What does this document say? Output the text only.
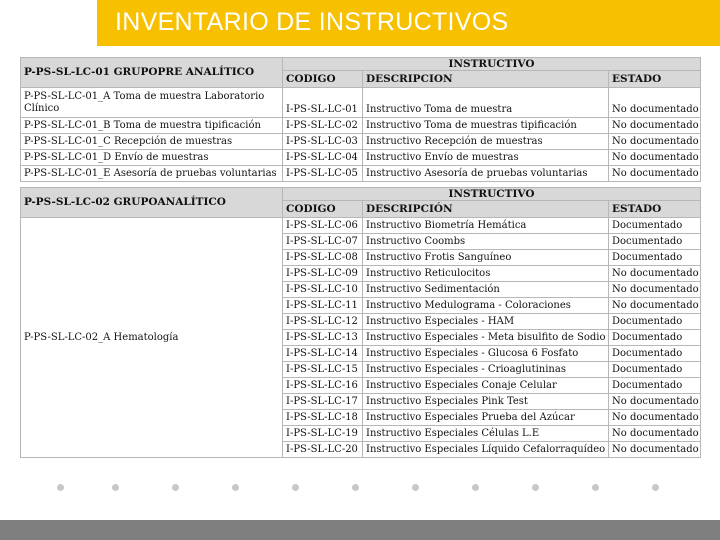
INVENTARIO DE INSTRUCTIVOS
P-PS-SL-LC-01 GRUPOPRE ANALÍTICO	INSTRUCTIVO		
	CODIGO	DESCRIPCION	ESTADO
P-PS-SL-LC-01_A Toma de muestra Laboratorio Clínico	I-PS-SL-LC-01	Instructivo Toma de muestra	No documentado
P-PS-SL-LC-01_B Toma de muestra tipificación	I-PS-SL-LC-02	Instructivo Toma de muestras tipificación	No documentado
P-PS-SL-LC-01_C Recepción de muestras	I-PS-SL-LC-03	Instructivo Recepción de muestras	No documentado
P-PS-SL-LC-01_D Envío de muestras	I-PS-SL-LC-04	Instructivo Envío de muestras	No documentado
P-PS-SL-LC-01_E Asesoría de pruebas voluntarias	I-PS-SL-LC-05	Instructivo Asesoría de pruebas voluntarias	No documentado

P-PS-SL-LC-02 GRUPOANALÍTICO	INSTRUCTIVO		
	CODIGO	DESCRIPCIÓN	ESTADO
P-PS-SL-LC-02_A Hematología	I-PS-SL-LC-06	Instructivo Biometría Hemática	Documentado
	I-PS-SL-LC-07	Instructivo Coombs	Documentado
	I-PS-SL-LC-08	Instructivo Frotis Sanguíneo	Documentado
	I-PS-SL-LC-09	Instructivo Reticulocitos	No documentado
	I-PS-SL-LC-10	Instructivo Sedimentación	No documentado
	I-PS-SL-LC-11	Instructivo Medulograma - Coloraciones	No documentado
	I-PS-SL-LC-12	Instructivo Especiales - HAM	Documentado
	I-PS-SL-LC-13	Instructivo Especiales - Meta bisulfito de Sodio	Documentado
	I-PS-SL-LC-14	Instructivo Especiales - Glucosa 6 Fosfato	Documentado
	I-PS-SL-LC-15	Instructivo Especiales - Crioaglutininas	Documentado
	I-PS-SL-LC-16	Instructivo Especiales Conaje Celular	Documentado
	I-PS-SL-LC-17	Instructivo Especiales Pink Test	No documentado
	I-PS-SL-LC-18	Instructivo Especiales Prueba del Azúcar	No documentado
	I-PS-SL-LC-19	Instructivo Especiales Células L.E	No documentado
	I-PS-SL-LC-20	Instructivo Especiales Líquido Cefalorraquídeo	No documentado
